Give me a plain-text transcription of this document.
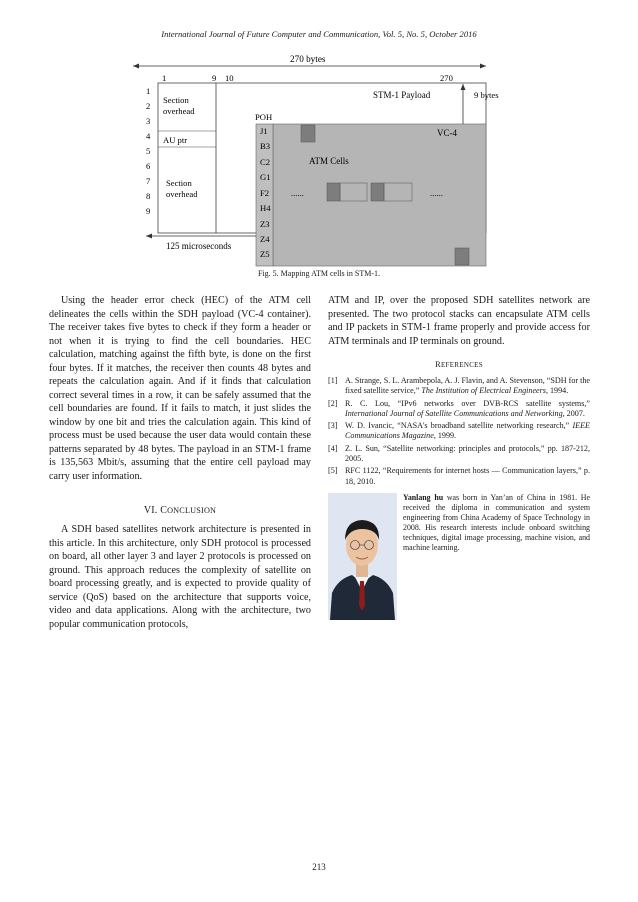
International Journal of Future Computer and Communication, Vol. 5, No. 5, October 2016
270 bytes
1	9 10	270
1
2
3
4
5
6
7
8
9
Section
overhead
AU ptr
Section
overhead
STM-1 Payload	9 bytes
VC-4
POH
J1
B3
C2
G1
F2
H4
Z3
Z4
Z5
ATM Cells
......	......
125 microseconds
Fig. 5. Mapping ATM cells in STM-1.

Using the header error check (HEC) of the ATM cell delineates the cells within the SDH payload (VC-4 container). The receiver takes five bytes to check if they form a header or not when it is trying to find the cell boundaries. HEC calculation, matching against the fifth byte, is done on the first four bytes. If it matches, the receiver then counts 48 bytes and repeats the calculation again. And if it finds that calculation correct several times in a row, it can be safely assumed that the cell boundaries are found. If it fails to match, it just slides the window by one bit and tries the calculation again. This kind of process must be used because the user data would contain these patterns separated by 48 bytes. The payload in an STM-1 frame is 135,563 Mbit/s, assuming that the entire cell payload may carry user information.

VI. CONCLUSION

A SDH based satellites network architecture is presented in this article. In this architecture, only SDH protocol is processed on board, all other layer 3 and layer 2 protocols is processed on ground. This approach reduces the complexity of satellite on board processing greatly, and is expected to provide quality of service (QoS) based on the architecture that supports voice, video and data applications. Along with the architecture, two popular communication protocols,

ATM and IP, over the proposed SDH satellites network are presented. The two protocol stacks can encapsulate ATM cells and IP packets in STM-1 frame properly and provide access for ATM terminals and IP terminals on ground.

REFERENCES
[1] A. Strange, S. L. Arambepola, A. J. Flavin, and A. Stevenson, “SDH for the fixed satellite service,” The Institution of Electrical Engineers, 1994.
[2] R. C. Lou, “IPv6 networks over DVB-RCS satellite systems,” International Journal of Satellite Communications and Networking, 2007.
[3] W. D. Ivancic, “NASA's broadband satellite networking research,” IEEE Communications Magazine, 1999.
[4] Z. L. Sun, “Satellite networking: principles and protocols,” pp. 187-212, 2005.
[5] RFC 1122, “Requirements for internet hosts — Communication layers,” p. 18, 2010.
Yanlang hu was born in Yan’an of China in 1981. He received the diploma in communication and system engineering from China Academy of Space Technology in 2008. His research interests include onboard switching techniques, digital image processing, machine vision, and machine learning.
213
